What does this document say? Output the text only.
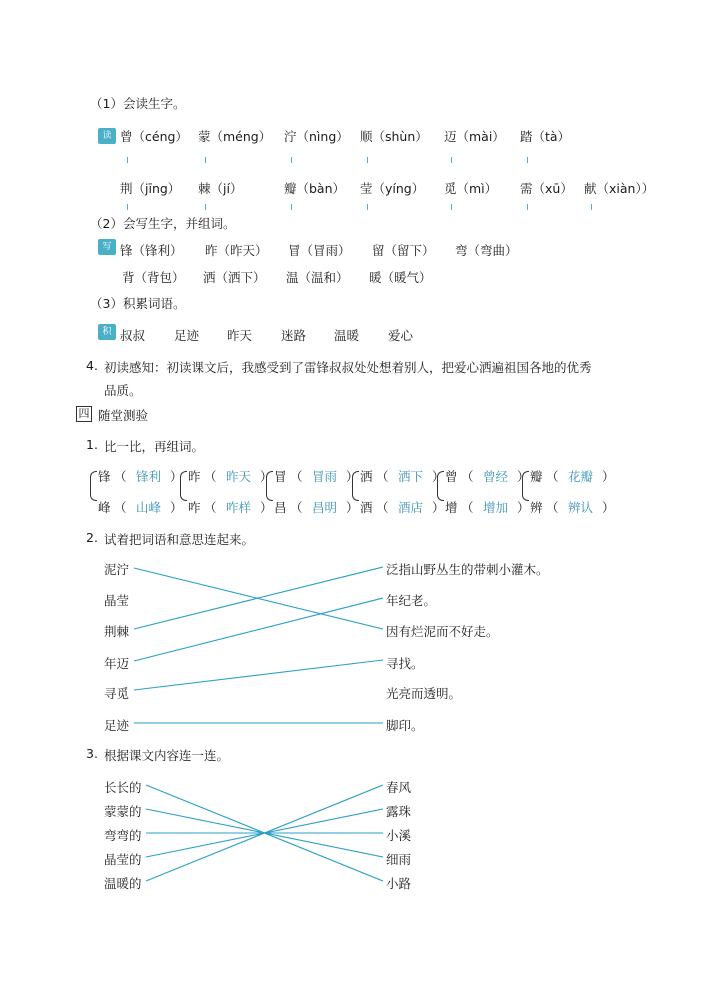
（1）会读生字。
读 曾（céng） 蒙（méng） 泞（nìng） 顺（shùn） 迈（mài） 踏（tà）
荆（jīng） 棘（jí）	瓣（bàn） 莹（yíng） 觅（mì） 需（xū） 献（xiàn））
（2）会写生字，并组词。
写 锋（锋利） 昨（昨天） 冒（冒雨） 留（留下） 弯（弯曲）
背（背包） 洒（洒下） 温（温和） 暖（暖气）
（3）积累词语。
积 叔叔 足迹 昨天 迷路 温暖 爱心
4. 初读感知：初读课文后，我感受到了雷锋叔叔处处想着别人，把爱心洒遍祖国各地的优秀
品质。
四 随堂测验
1. 比一比，再组词。
锋
峰
（
（
锋利
山峰
）
）
昨
咋
（
（
昨天
咋样
）
）
冒
昌
（
（
冒雨
昌明
）
）
洒
酒
（
（
洒下
酒店
）
）
曾
增
（
（
曾经
增加
）
）
瓣
辨
（
（
花瓣
辨认
）
）
2. 试着把词语和意思连起来。
泥泞
晶莹
荆棘
年迈
寻觅
足迹
泛指山野丛生的带刺小灌木。
年纪老。
因有烂泥而不好走。
寻找。
光亮而透明。
脚印。
3. 根据课文内容连一连。
长长的
蒙蒙的
弯弯的
晶莹的
温暖的
春风
露珠
小溪
细雨
小路
